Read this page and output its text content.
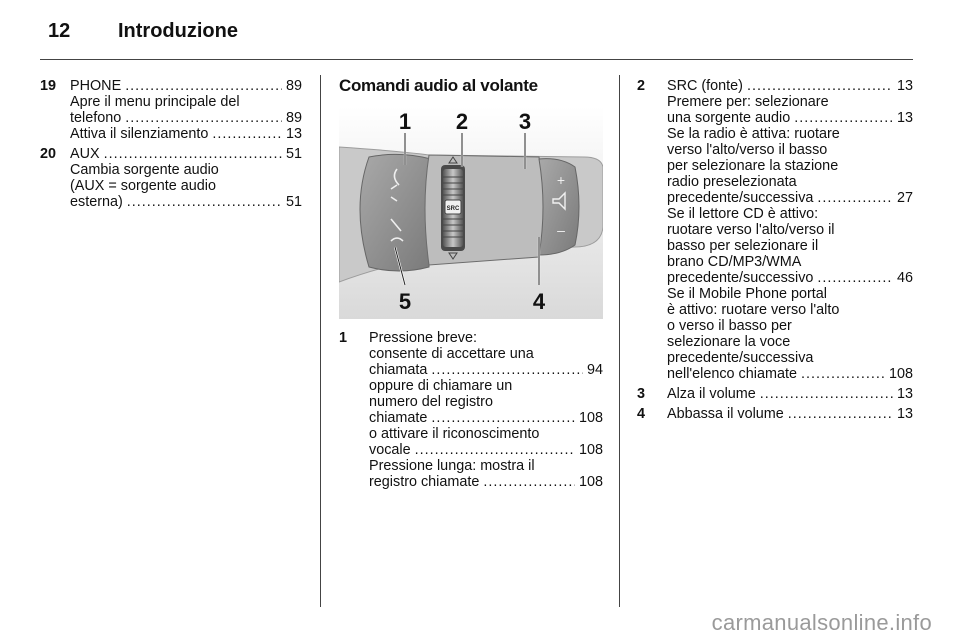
12 Introduzione
19 PHONE .....	89
Apre il menu principale del
telefono .....	89
Attiva il silenziamento .....	13
20 AUX .....	51
Cambia sorgente audio
(AUX = sorgente audio
esterna) .....	51
Comandi audio al volante
SRC
+
–
1 2 3
4
5
1 Pressione breve:
consente di accettare una
chiamata .....	94
oppure di chiamare un
numero del registro
chiamate .....	108
o attivare il riconoscimento
vocale .....	108
Pressione lunga: mostra il
registro chiamate .....	108
2 SRC (fonte) .....	13
Premere per: selezionare
una sorgente audio .....	13
Se la radio è attiva: ruotare
verso l'alto/verso il basso
per selezionare la stazione
radio preselezionata
precedente/successiva .....	27
Se il lettore CD è attivo:
ruotare verso l'alto/verso il
basso per selezionare il
brano CD/MP3/WMA
precedente/successivo .....	46
Se il Mobile Phone portal
è attivo: ruotare verso l'alto
o verso il basso per
selezionare la voce
precedente/successiva
nell'elenco chiamate .....	108
3 Alza il volume .....	13
4 Abbassa il volume .....	13
carmanualsonline.info
